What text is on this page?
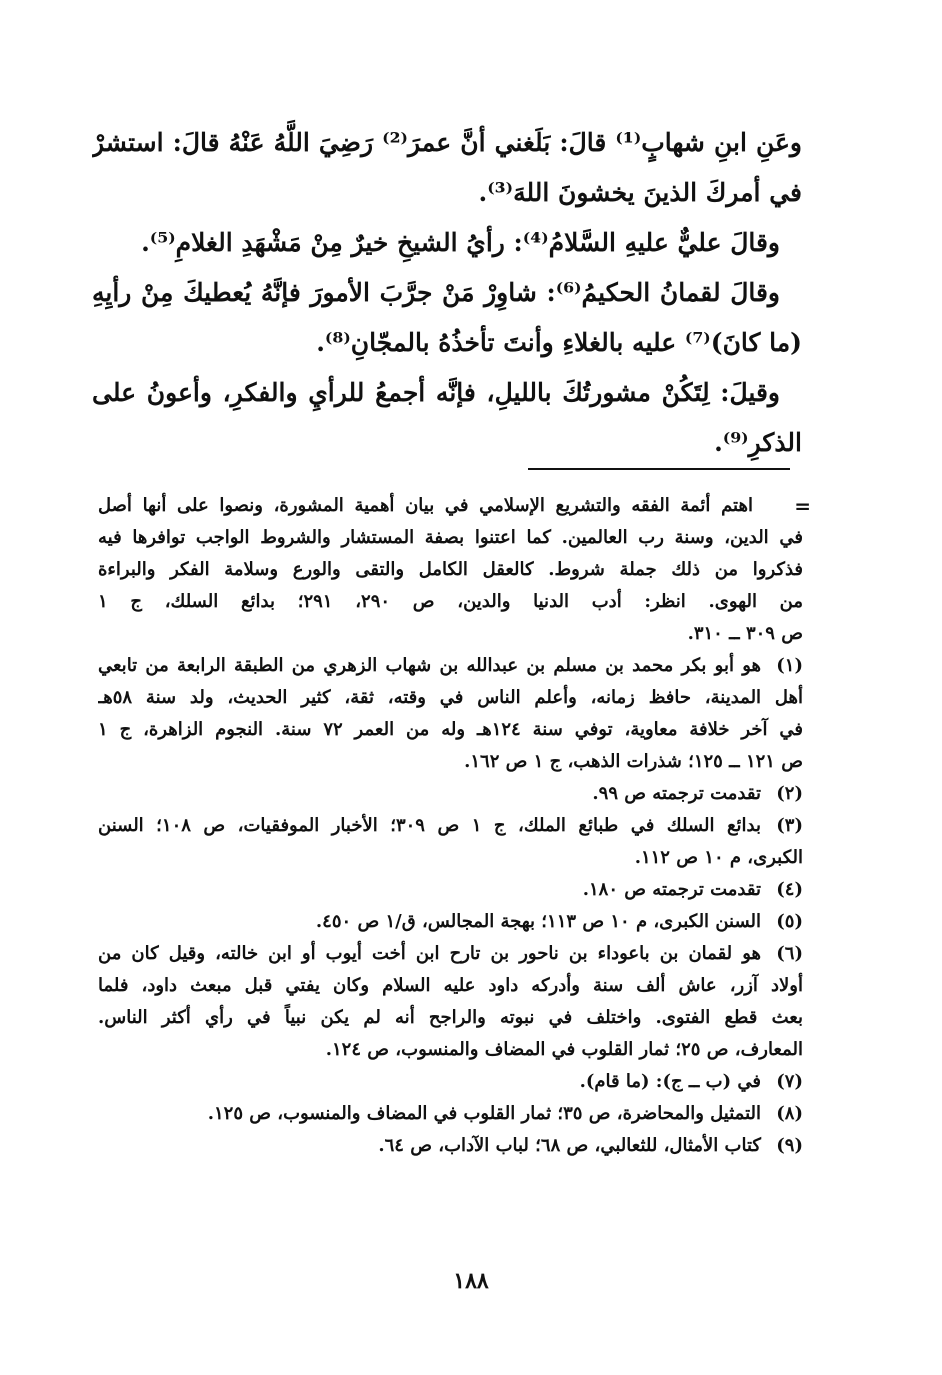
وعَنِ ابنِ شهابٍ⁽¹⁾ قالَ: بَلَغني أنَّ عمرَ⁽²⁾ رَضِيَ اللَّهُ عَنْهُ قالَ: استشرْ
في أمركَ الذينَ يخشونَ اللهَ⁽³⁾.
وقالَ عليٌّ عليهِ السَّلامُ⁽⁴⁾: رأيُ الشيخِ خيرٌ مِنْ مَشْهَدِ الغلامِ⁽⁵⁾.
وقالَ لقمانُ الحكيمُ⁽⁶⁾: شاوِرْ مَنْ جرَّبَ الأمورَ فإنَّهُ يُعطيكَ مِنْ رأيِهِ
(ما كانَ)⁽⁷⁾ عليه بالغلاءِ وأنتَ تأخذُهُ بالمجّانِ⁽⁸⁾.
وقيلَ: لِتَكُنْ مشورتُكَ بالليلِ، فإنَّه أجمعُ للرأيِ والفكرِ، وأعونُ على
الذكرِ⁽⁹⁾.
=
اهتم أئمة الفقه والتشريع الإسلامي في بيان أهمية المشورة، ونصوا على أنها أصل
في الدين، وسنة رب العالمين. كما اعتنوا بصفة المستشار والشروط الواجب توافرها فيه
فذكروا من ذلك جملة شروط. كالعقل الكامل والتقى والورع وسلامة الفكر والبراءة
من الهوى. انظر: أدب الدنيا والدين، ص ٢٩٠، ٢٩١؛ بدائع السلك، ج ١
ص ٣٠٩ ــ ٣١٠.
(١)
هو أبو بكر محمد بن مسلم بن عبدالله بن شهاب الزهري من الطبقة الرابعة من تابعي
أهل المدينة، حافظ زمانه، وأعلم الناس في وقته، ثقة، كثير الحديث، ولد سنة ٥٨هـ
في آخر خلافة معاوية، توفي سنة ١٢٤هـ وله من العمر ٧٢ سنة. النجوم الزاهرة، ج ١
ص ١٢١ ــ ١٢٥؛ شذرات الذهب، ج ١ ص ١٦٢.
(٢)
تقدمت ترجمته ص ٩٩.
(٣)
بدائع السلك في طبائع الملك، ج ١ ص ٣٠٩؛ الأخبار الموفقيات، ص ١٠٨؛ السنن
الكبرى، م ١٠ ص ١١٢.
(٤)
تقدمت ترجمته ص ١٨٠.
(٥)
السنن الكبرى، م ١٠ ص ١١٣؛ بهجة المجالس، ق/١ ص ٤٥٠.
(٦)
هو لقمان بن باعوداء بن ناحور بن تارح ابن أخت أيوب أو ابن خالته، وقيل كان من
أولاد آزر، عاش ألف سنة وأدركه داود عليه السلام وكان يفتي قبل مبعث داود، فلما
بعث قطع الفتوى. واختلف في نبوته والراجح أنه لم يكن نبياً في رأي أكثر الناس.
المعارف، ص ٢٥؛ ثمار القلوب في المضاف والمنسوب، ص ١٢٤.
(٧)
في (ب ــ ج): (ما قام).
(٨)
التمثيل والمحاضرة، ص ٣٥؛ ثمار القلوب في المضاف والمنسوب، ص ١٢٥.
(٩)
كتاب الأمثال، للثعالبي، ص ٦٨؛ لباب الآداب، ص ٦٤.
١٨٨
